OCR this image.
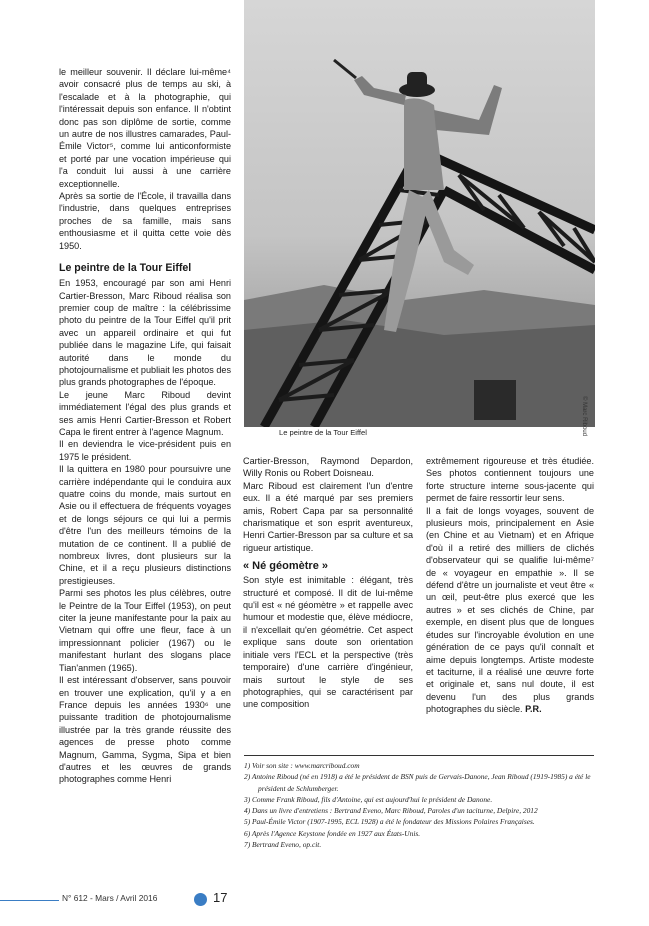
le meilleur souvenir. Il déclare lui-même⁴ avoir consacré plus de temps au ski, à l'escalade et à la photographie, qui l'intéressait depuis son enfance. Il n'obtint donc pas son diplôme de sortie, comme un autre de nos illustres camarades, Paul-Émile Victor⁵, comme lui anticonformiste et porté par une vocation impérieuse qui l'a conduit lui aussi à une carrière exceptionnelle.

Après sa sortie de l'École, il travailla dans l'industrie, dans quelques entreprises proches de sa famille, mais sans enthousiasme et il quitta cette voie dès 1950.

Le peintre de la Tour Eiffel

En 1953, encouragé par son ami Henri Cartier-Bresson, Marc Riboud réalisa son premier coup de maître : la célébrissime photo du peintre de la Tour Eiffel qu'il prit avec un appareil ordinaire et qui fut publiée dans le magazine Life, qui faisait autorité dans le monde du photojournalisme et publiait les photos des plus grands photographes de l'époque.

Le jeune Marc Riboud devint immédiatement l'égal des plus grands et ses amis Henri Cartier-Bresson et Robert Capa le firent entrer à l'agence Magnum.

Il en deviendra le vice-président puis en 1975 le président.

Il la quittera en 1980 pour poursuivre une carrière indépendante qui le conduira aux quatre coins du monde, mais surtout en Asie ou il effectuera de fréquents voyages et de longs séjours ce qui lui a permis d'être l'un des meilleurs témoins de la mutation de ce continent. Il a publié de nombreux livres, dont plusieurs sur la Chine, et il a reçu plusieurs distinctions prestigieuses.

Parmi ses photos les plus célèbres, outre le Peintre de la Tour Eiffel (1953), on peut citer la jeune manifestante pour la paix au Vietnam qui offre une fleur, face à un impressionnant policier (1967) ou le manifestant hurlant des slogans place Tian'anmen (1965).

Il est intéressant d'observer, sans pouvoir en trouver une explication, qu'il y a en France depuis les années 1930⁶ une puissante tradition de photojournalisme illustrée par la très grande réussite des agences de presse photo comme Magnum, Gamma, Sygma, Sipa et bien d'autres et les œuvres de grands photographes comme Henri

Le peintre de la Tour Eiffel	© Marc Riboud

Cartier-Bresson, Raymond Depardon, Willy Ronis ou Robert Doisneau.

Marc Riboud est clairement l'un d'entre eux. Il a été marqué par ses premiers amis, Robert Capa par sa personnalité charismatique et son esprit aventureux, Henri Cartier-Bresson par sa culture et sa rigueur artistique.

« Né géomètre »

Son style est inimitable : élégant, très structuré et composé. Il dit de lui-même qu'il est « né géomètre » et rappelle avec humour et modestie que, élève médiocre, il n'excellait qu'en géométrie. Cet aspect explique sans doute son orientation initiale vers l'ECL et la perspective (très temporaire) d'une carrière d'ingénieur, mais surtout le style de ses photographies, qui se caractérisent par une composition

extrêmement rigoureuse et très étudiée. Ses photos contiennent toujours une forte structure interne sous-jacente qui permet de faire ressortir leur sens.

Il a fait de longs voyages, souvent de plusieurs mois, principalement en Asie (en Chine et au Vietnam) et en Afrique d'où il a retiré des milliers de clichés d'observateur qui se qualifie lui-même⁷ de « voyageur en empathie ». Il se défend d'être un journaliste et veut être « un œil, peut-être plus exercé que les autres » et ses clichés de Chine, par exemple, en disent plus que de longues études sur l'incroyable évolution en une génération de ce pays qu'il connaît et aime depuis longtemps. Artiste modeste et taciturne, il a réalisé une œuvre forte et originale et, sans nul doute, il est devenu l'un des plus grands photographes du siècle. P.R.

1) Voir son site : www.marcriboud.com
2) Antoine Riboud (né en 1918) a été le président de BSN puis de Gervais-Danone, Jean Riboud (1919-1985) a été le président de Schlumberger.
3) Comme Frank Riboud, fils d'Antoine, qui est aujourd'hui le président de Danone.
4) Dans un livre d'entretiens : Bertrand Eveno, Marc Riboud, Paroles d'un taciturne, Delpire, 2012
5) Paul-Émile Victor (1907-1995, ECL 1928) a été le fondateur des Missions Polaires Françaises.
6) Après l'Agence Keystone fondée en 1927 aux États-Unis.
7) Bertrand Eveno, op.cit.
N° 612 - Mars / Avril 2016	17
